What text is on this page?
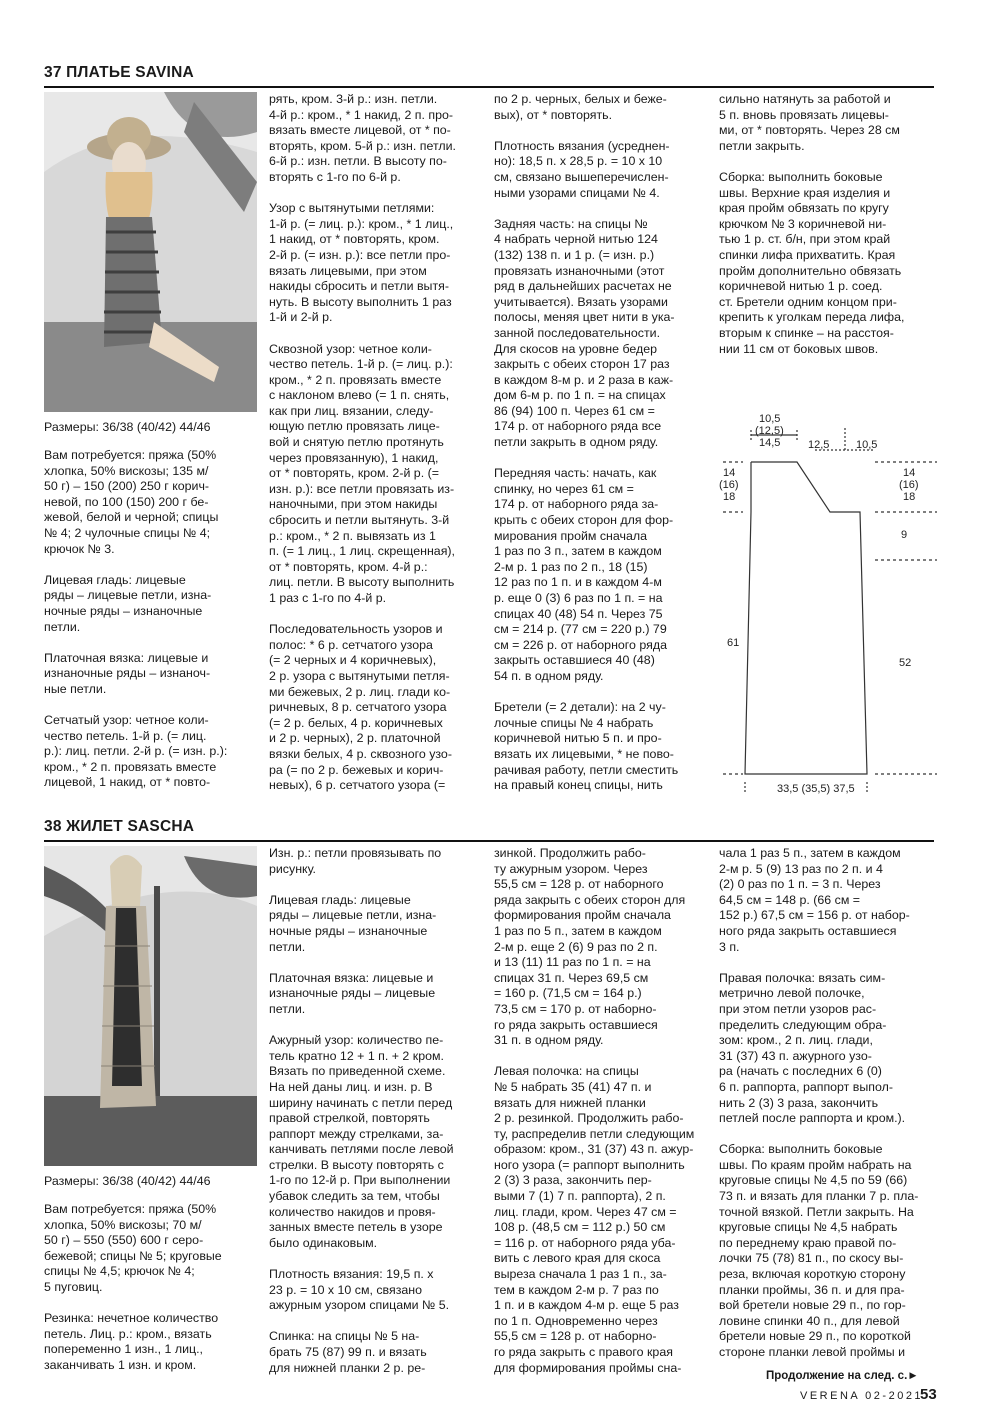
37 ПЛАТЬЕ SAVINA
Размеры: 36/38 (40/42) 44/46
Вам потребуется: пряжа (50%
хлопка, 50% вискозы; 135 м/
50 г) – 150 (200) 250 г корич-
невой, по 100 (150) 200 г бе-
жевой, белой и черной; спицы
№ 4; 2 чулочные спицы № 4;
крючок № 3.

Лицевая гладь: лицевые
ряды – лицевые петли, изна-
ночные ряды – изнаночные
петли.

Платочная вязка: лицевые и
изнаночные ряды – изнаноч-
ные петли.

Сетчатый узор: четное коли-
чество петель. 1-й р. (= лиц.
р.): лиц. петли. 2-й р. (= изн. р.):
кром., * 2 п. провязать вместе
лицевой, 1 накид, от * повто-
рять, кром. 3-й р.: изн. петли.
4-й р.: кром., * 1 накид, 2 п. про-
вязать вместе лицевой, от * по-
вторять, кром. 5-й р.: изн. петли.
6-й р.: изн. петли. В высоту по-
вторять с 1-го по 6-й р.

Узор с вытянутыми петлями:
1-й р. (= лиц. р.): кром., * 1 лиц.,
1 накид, от * повторять, кром.
2-й р. (= изн. р.): все петли про-
вязать лицевыми, при этом
накиды сбросить и петли вытя-
нуть. В высоту выполнить 1 раз
1-й и 2-й р.

Сквозной узор: четное коли-
чество петель. 1-й р. (= лиц. р.):
кром., * 2 п. провязать вместе
с наклоном влево (= 1 п. снять,
как при лиц. вязании, следу-
ющую петлю провязать лице-
вой и снятую петлю протянуть
через провязанную), 1 накид,
от * повторять, кром. 2-й р. (=
изн. р.): все петли провязать из-
наночными, при этом накиды
сбросить и петли вытянуть. 3-й
р.: кром., * 2 п. вывязать из 1
п. (= 1 лиц., 1 лиц. скрещенная),
от * повторять, кром. 4-й р.:
лиц. петли. В высоту выполнить
1 раз с 1-го по 4-й р.

Последовательность узоров и
полос: * 6 р. сетчатого узора
(= 2 черных и 4 коричневых),
2 р. узора с вытянутыми петля-
ми бежевых, 2 р. лиц. глади ко-
ричневых, 8 р. сетчатого узора
(= 2 р. белых, 4 р. коричневых
и 2 р. черных), 2 р. платочной
вязки белых, 4 р. сквозного узо-
ра (= по 2 р. бежевых и корич-
невых), 6 р. сетчатого узора (=
по 2 р. черных, белых и беже-
вых), от * повторять.

Плотность вязания (усреднен-
но): 18,5 п. х 28,5 р. = 10 х 10
см, связано вышеперечислен-
ными узорами спицами № 4.

Задняя часть: на спицы №
4 набрать черной нитью 124
(132) 138 п. и 1 р. (= изн. р.)
провязать изнаночными (этот
ряд в дальнейших расчетах не
учитывается). Вязать узорами
полосы, меняя цвет нити в ука-
занной последовательности.
Для скосов на уровне бедер
закрыть с обеих сторон 17 раз
в каждом 8-м р. и 2 раза в каж-
дом 6-м р. по 1 п. = на спицах
86 (94) 100 п. Через 61 см =
174 р. от наборного ряда все
петли закрыть в одном ряду.

Передняя часть: начать, как
спинку, но через 61 см =
174 р. от наборного ряда за-
крыть с обеих сторон для фор-
мирования пройм сначала
1 раз по 3 п., затем в каждом
2-м р. 1 раз по 2 п., 18 (15)
12 раз по 1 п. и в каждом 4-м
р. еще 0 (3) 6 раз по 1 п. = на
спицах 40 (48) 54 п. Через 75
см = 214 р. (77 см = 220 р.) 79
см = 226 р. от наборного ряда
закрыть оставшиеся 40 (48)
54 п. в одном ряду.

Бретели (= 2 детали): на 2 чу-
лочные спицы № 4 набрать
коричневой нитью 5 п. и про-
вязать их лицевыми, * не пово-
рачивая работу, петли сместить
на правый конец спицы, нить
сильно натянуть за работой и
5 п. вновь провязать лицевы-
ми, от * повторять. Через 28 см
петли закрыть.

Сборка: выполнить боковые
швы. Верхние края изделия и
края пройм обвязать по кругу
крючком № 3 коричневой ни-
тью 1 р. ст. б/н, при этом край
спинки лифа прихватить. Края
пройм дополнительно обвязать
коричневой нитью 1 р. соед.
ст. Бретели одним концом при-
крепить к уголкам переда лифа,
вторым к спинке – на расстоя-
нии 11 см от боковых швов.
10,5
(12,5)
14,5	12,5 10,5
14
(16)
18
14
(16)
18
9
61
52
33,5 (35,5) 37,5
38 ЖИЛЕТ SASCHA
Размеры: 36/38 (40/42) 44/46
Вам потребуется: пряжа (50%
хлопка, 50% вискозы; 70 м/
50 г) – 550 (550) 600 г серо-
бежевой; спицы № 5; круговые
спицы № 4,5; крючок № 4;
5 пуговиц.

Резинка: нечетное количество
петель. Лиц. р.: кром., вязать
попеременно 1 изн., 1 лиц.,
заканчивать 1 изн. и кром.
Изн. р.: петли провязывать по
рисунку.

Лицевая гладь: лицевые
ряды – лицевые петли, изна-
ночные ряды – изнаночные
петли.

Платочная вязка: лицевые и
изнаночные ряды – лицевые
петли.

Ажурный узор: количество пе-
тель кратно 12 + 1 п. + 2 кром.
Вязать по приведенной схеме.
На ней даны лиц. и изн. р. В
ширину начинать с петли перед
правой стрелкой, повторять
раппорт между стрелками, за-
канчивать петлями после левой
стрелки. В высоту повторять с
1-го по 12-й р. При выполнении
убавок следить за тем, чтобы
количество накидов и провя-
занных вместе петель в узоре
было одинаковым.

Плотность вязания: 19,5 п. х
23 р. = 10 х 10 см, связано
ажурным узором спицами № 5.

Спинка: на спицы № 5 на-
брать 75 (87) 99 п. и вязать
для нижней планки 2 р. ре-
зинкой. Продолжить рабо-
ту ажурным узором. Через
55,5 см = 128 р. от наборного
ряда закрыть с обеих сторон для
формирования пройм сначала
1 раз по 5 п., затем в каждом
2-м р. еще 2 (6) 9 раз по 2 п.
и 13 (11) 11 раз по 1 п. = на
спицах 31 п. Через 69,5 см
= 160 р. (71,5 см = 164 р.)
73,5 см = 170 р. от наборно-
го ряда закрыть оставшиеся
31 п. в одном ряду.

Левая полочка: на спицы
№ 5 набрать 35 (41) 47 п. и
вязать для нижней планки
2 р. резинкой. Продолжить рабо-
ту, распределив петли следующим
образом: кром., 31 (37) 43 п. ажур-
ного узора (= раппорт выполнить
2 (3) 3 раза, закончить пер-
выми 7 (1) 7 п. раппорта), 2 п.
лиц. глади, кром. Через 47 см =
108 р. (48,5 см = 112 р.) 50 см
= 116 р. от наборного ряда уба-
вить с левого края для скоса
выреза сначала 1 раз 1 п., за-
тем в каждом 2-м р. 7 раз по
1 п. и в каждом 4-м р. еще 5 раз
по 1 п. Одновременно через
55,5 см = 128 р. от наборно-
го ряда закрыть с правого края
для формирования проймы сна-
чала 1 раз 5 п., затем в каждом
2-м р. 5 (9) 13 раз по 2 п. и 4
(2) 0 раз по 1 п. = 3 п. Через
64,5 см = 148 р. (66 см =
152 р.) 67,5 см = 156 р. от набор-
ного ряда закрыть оставшиеся
3 п.

Правая полочка: вязать сим-
метрично левой полочке,
при этом петли узоров рас-
пределить следующим обра-
зом: кром., 2 п. лиц. глади,
31 (37) 43 п. ажурного узо-
ра (начать с последних 6 (0)
6 п. раппорта, раппорт выпол-
нить 2 (3) 3 раза, закончить
петлей после раппорта и кром.).

Сборка: выполнить боковые
швы. По краям пройм набрать на
круговые спицы № 4,5 по 59 (66)
73 п. и вязать для планки 7 р. пла-
точной вязкой. Петли закрыть. На
круговые спицы № 4,5 набрать
по переднему краю правой по-
лочки 75 (78) 81 п., по скосу вы-
реза, включая короткую сторону
планки проймы, 36 п. и для пра-
вой бретели новые 29 п., по гор-
ловине спинки 40 п., для левой
бретели новые 29 п., по короткой
стороне планки левой проймы и
Продолжение на след. с.►
VERENA 02-2021
53
